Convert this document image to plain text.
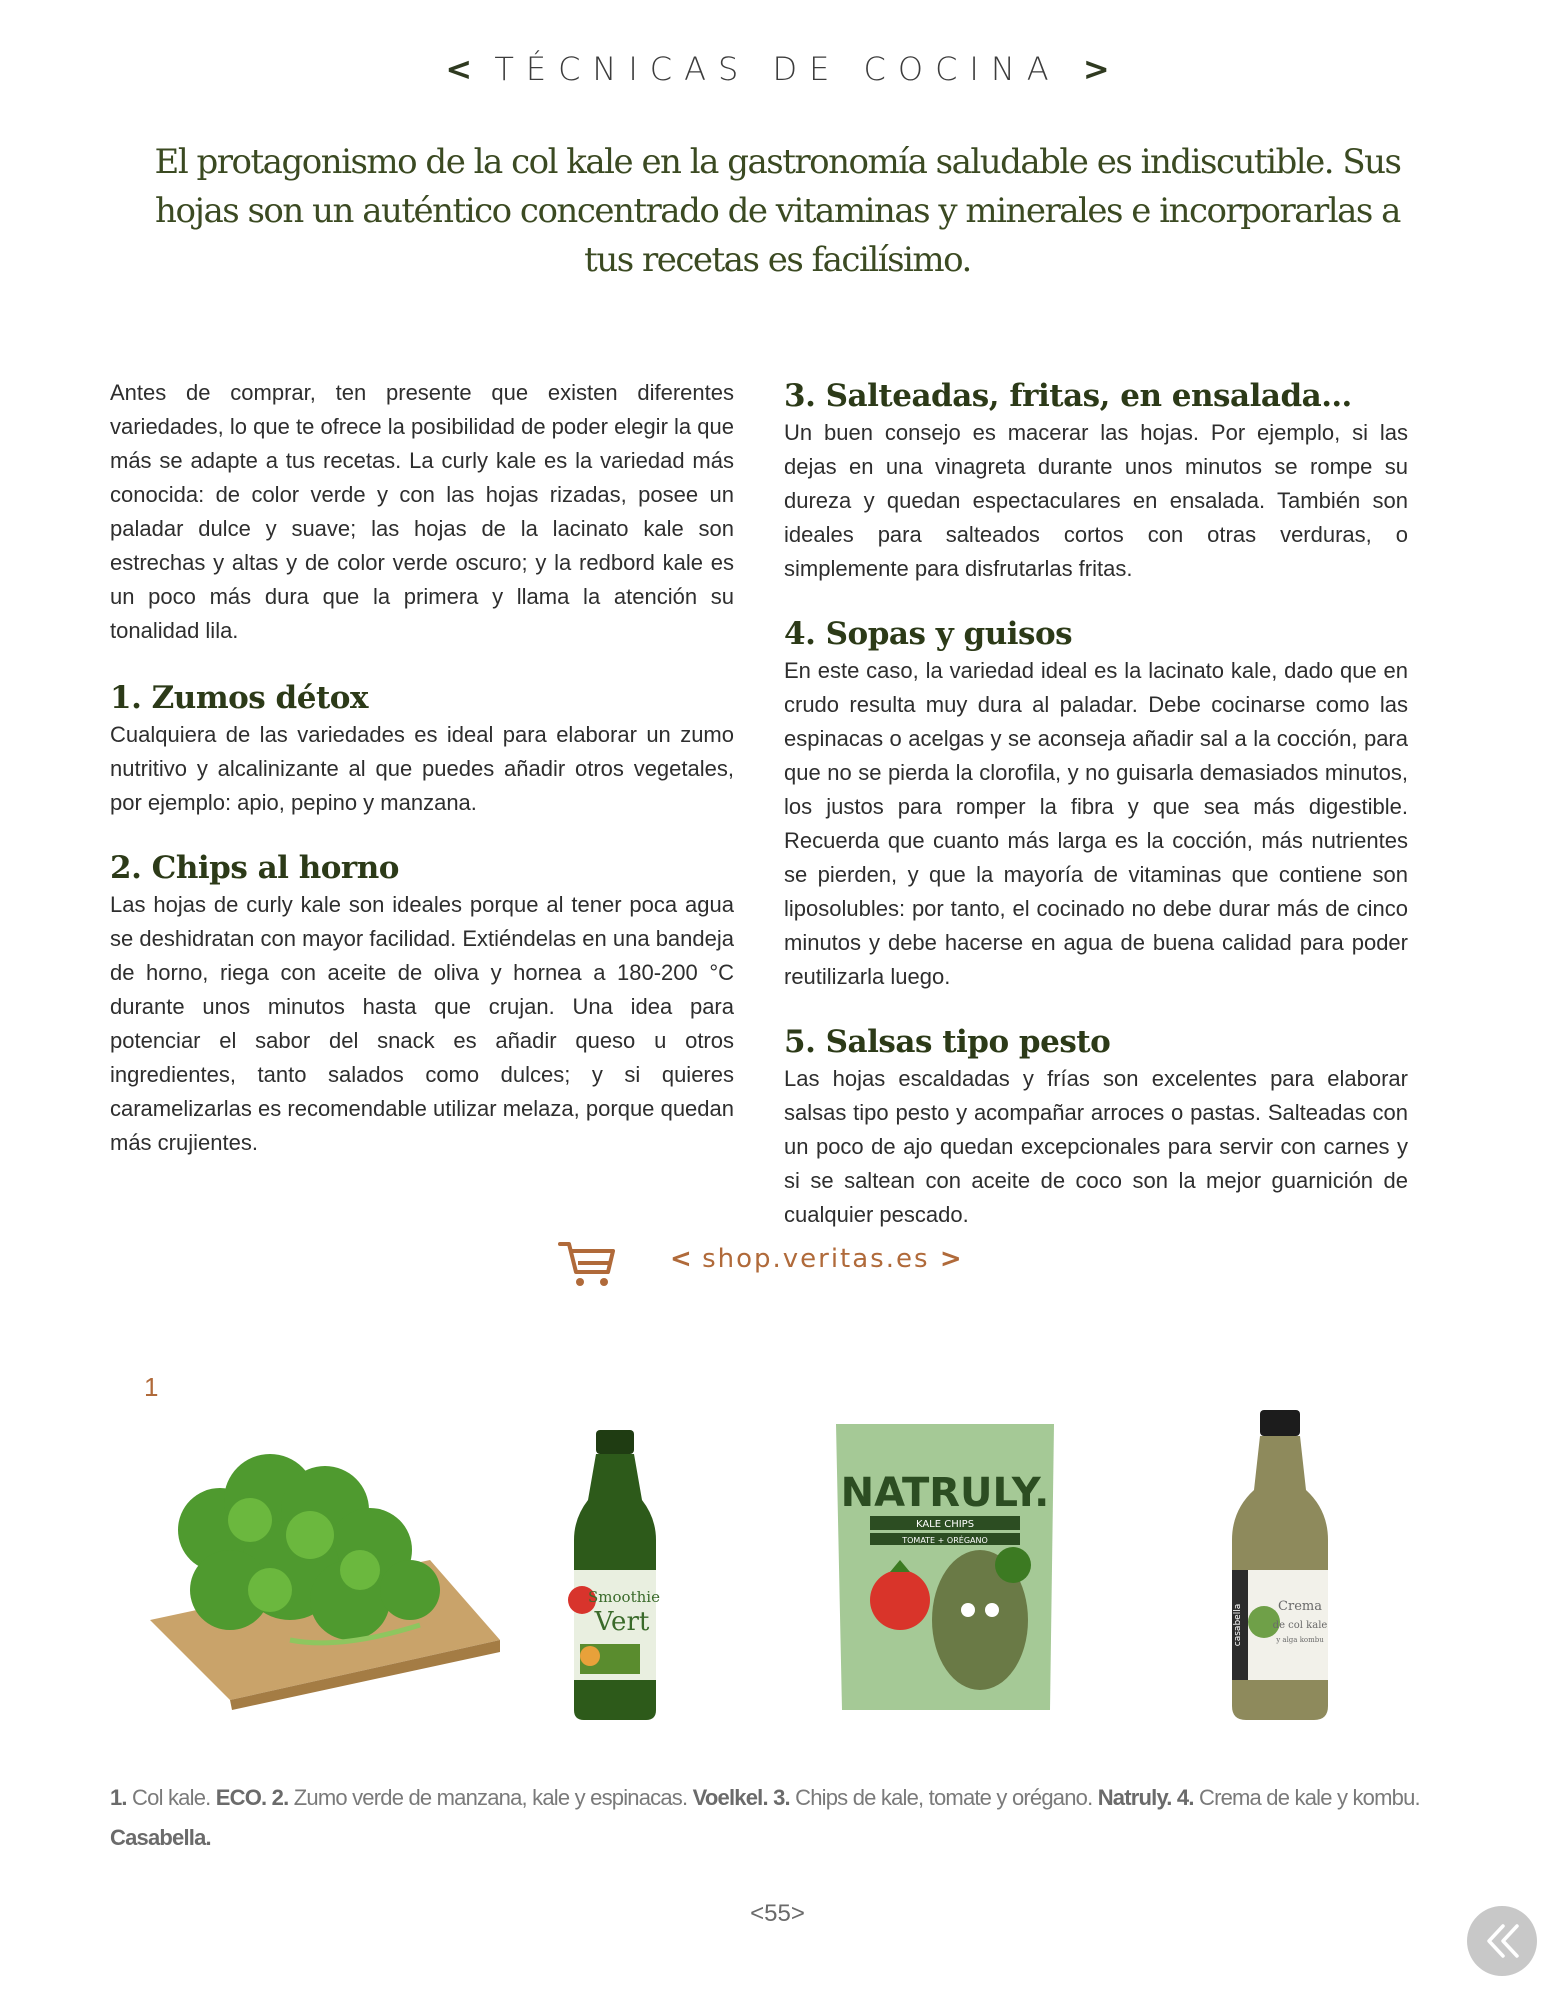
< TÉCNICAS DE COCINA >
El protagonismo de la col kale en la gastronomía saludable es indiscutible. Sus hojas son un auténtico concentrado de vitaminas y minerales e incorporarlas a tus recetas es facilísimo.

Antes de comprar, ten presente que existen diferentes variedades, lo que te ofrece la posibilidad de poder elegir la que más se adapte a tus recetas. La curly kale es la variedad más conocida: de color verde y con las hojas rizadas, posee un paladar dulce y suave; las hojas de la lacinato kale son estrechas y altas y de color verde oscuro; y la redbord kale es un poco más dura que la primera y llama la atención su tonalidad lila.

1. Zumos détox

Cualquiera de las variedades es ideal para elaborar un zumo nutritivo y alcalinizante al que puedes añadir otros vegetales, por ejemplo: apio, pepino y manzana.

2. Chips al horno

Las hojas de curly kale son ideales porque al tener poca agua se deshidratan con mayor facilidad. Extiéndelas en una bandeja de horno, riega con aceite de oliva y hornea a 180-200 °C durante unos minutos hasta que crujan. Una idea para potenciar el sabor del snack es añadir queso u otros ingredientes, tanto salados como dulces; y si quieres caramelizarlas es recomendable utilizar melaza, porque quedan más crujientes.

3. Salteadas, fritas, en ensalada…

Un buen consejo es macerar las hojas. Por ejemplo, si las dejas en una vinagreta durante unos minutos se rompe su dureza y quedan espectaculares en ensalada. También son ideales para salteados cortos con otras verduras, o simplemente para disfrutarlas fritas.

4. Sopas y guisos

En este caso, la variedad ideal es la lacinato kale, dado que en crudo resulta muy dura al paladar. Debe cocinarse como las espinacas o acelgas y se aconseja añadir sal a la cocción, para que no se pierda la clorofila, y no guisarla demasiados minutos, los justos para romper la fibra y que sea más digestible. Recuerda que cuanto más larga es la cocción, más nutrientes se pierden, y que la mayoría de vitaminas que contiene son liposolubles: por tanto, el cocinado no debe durar más de cinco minutos y debe hacerse en agua de buena calidad para poder reutilizarla luego.

5. Salsas tipo pesto

Las hojas escaldadas y frías son excelentes para elaborar salsas tipo pesto y acompañar arroces o pastas. Salteadas con un poco de ajo quedan excepcionales para servir con carnes y si se saltean con aceite de coco son la mejor guarnición de cualquier pescado.

< shop.veritas.es >
1
Smoothie
Vert
NATRULY.
KALE CHIPS
TOMATE + ORÉGANO
casabella	Crema
de col kale
y alga kombu
1. Col kale. ECO. 2. Zumo verde de manzana, kale y espinacas. Voelkel. 3. Chips de kale, tomate y orégano. Natruly. 4. Crema de kale y kombu. Casabella.
<55>
